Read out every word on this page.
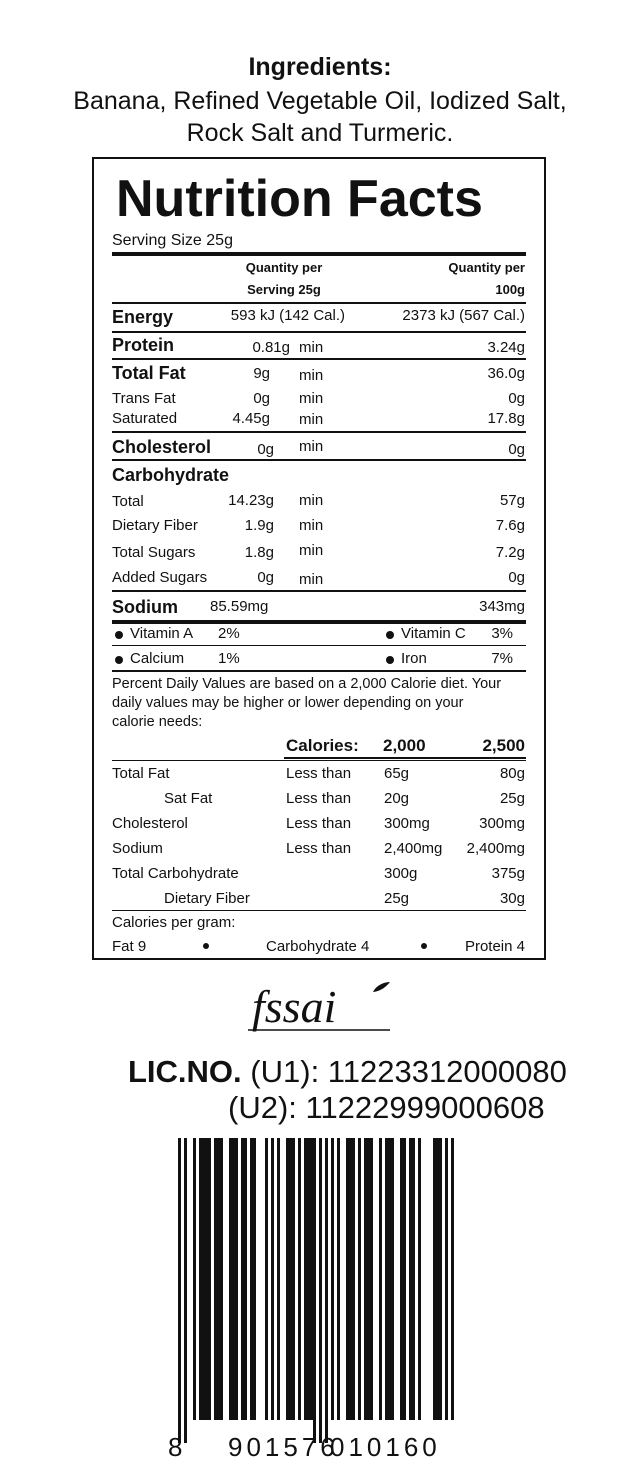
Ingredients:
Banana, Refined Vegetable Oil, Iodized Salt,
Rock Salt and Turmeric.
Nutrition Facts
Serving Size 25g
Quantity per
Serving 25g
Quantity per
100g
Energy	593 kJ (142 Cal.)	2373 kJ (567 Cal.)
Protein	0.81g min	3.24g
Total Fat	9g min	36.0g
Trans Fat	0g min	0g
Saturated	4.45g min	17.8g
Cholesterol	0g min	0g
Carbohydrate
Total	14.23g min	57g
Dietary Fiber	1.9g min	7.6g
Total Sugars	1.8g min	7.2g
Added Sugars	0g min	0g
Sodium 85.59mg	343mg
Vitamin A 2%	Vitamin C	3%
Calcium 1%	Iron	7%
Percent Daily Values are based on a 2,000 Calorie diet. Your
daily values may be higher or lower depending on your
calorie needs:
Calories: 2,000	2,500
Total Fat	Less than 65g	80g
Sat Fat	Less than 20g	25g
Cholesterol	Less than 300mg	300mg
Sodium	Less than 2,400mg	2,400mg
Total Carbohydrate	300g	375g
Dietary Fiber	25g	30g
Calories per gram:
Fat 9	Carbohydrate 4	Protein 4
fssai
LIC.NO. (U1): 11223312000080
(U2): 11222999000608
8 901576
010160
